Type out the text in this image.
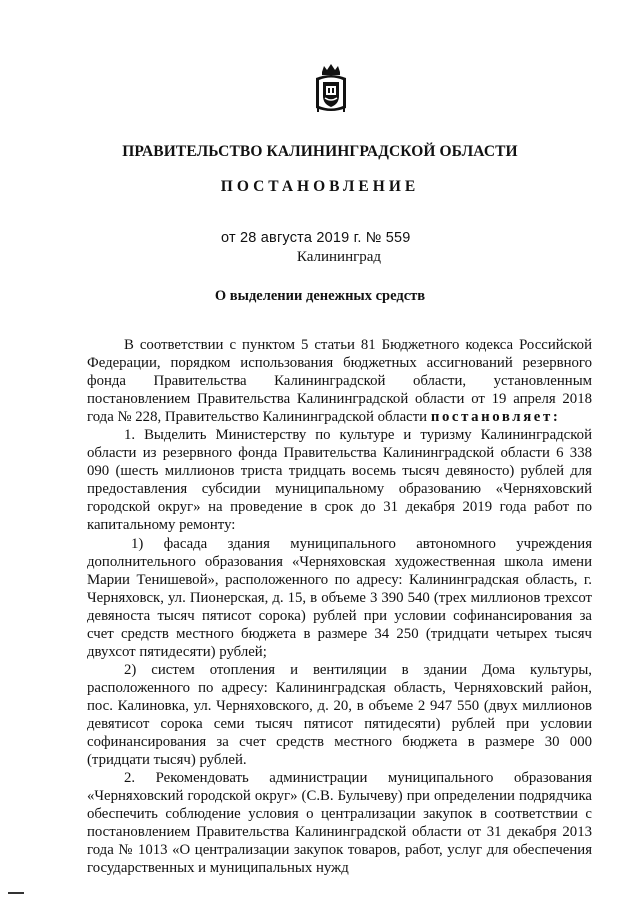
ПРАВИТЕЛЬСТВО КАЛИНИНГРАДСКОЙ ОБЛАСТИ
ПОСТАНОВЛЕНИЕ
от 28 августа 2019 г. № 559
Калининград
О выделении денежных средств

В соответствии с пунктом 5 статьи 81 Бюджетного кодекса Российской Федерации, порядком использования бюджетных ассигнований резервного фонда Правительства Калининградской области, установленным постановлением Правительства Калининградской области от 19 апреля 2018 года № 228, Правительство Калининградской области постановляет:

1. Выделить Министерству по культуре и туризму Калининградской области из резервного фонда Правительства Калининградской области 6 338 090 (шесть миллионов триста тридцать восемь тысяч девяносто) рублей для предоставления субсидии муниципальному образованию «Черняховский городской округ» на проведение в срок до 31 декабря 2019 года работ по капитальному ремонту:

1) фасада здания муниципального автономного учреждения дополнительного образования «Черняховская художественная школа имени Марии Тенишевой», расположенного по адресу: Калининградская область, г. Черняховск, ул. Пионерская, д. 15, в объеме 3 390 540 (трех миллионов трехсот девяноста тысяч пятисот сорока) рублей при условии софинансирования за счет средств местного бюджета в размере 34 250 (тридцати четырех тысяч двухсот пятидесяти) рублей;

2) систем отопления и вентиляции в здании Дома культуры, расположенного по адресу: Калининградская область, Черняховский район, пос. Калиновка, ул. Черняховского, д. 20, в объеме 2 947 550 (двух миллионов девятисот сорока семи тысяч пятисот пятидесяти) рублей при условии софинансирования за счет средств местного бюджета в размере 30 000 (тридцати тысяч) рублей.

2. Рекомендовать администрации муниципального образования «Черняховский городской округ» (С.В. Булычеву) при определении подрядчика обеспечить соблюдение условия о централизации закупок в соответствии с постановлением Правительства Калининградской области от 31 декабря 2013 года № 1013 «О централизации закупок товаров, работ, услуг для обеспечения государственных и муниципальных нужд
